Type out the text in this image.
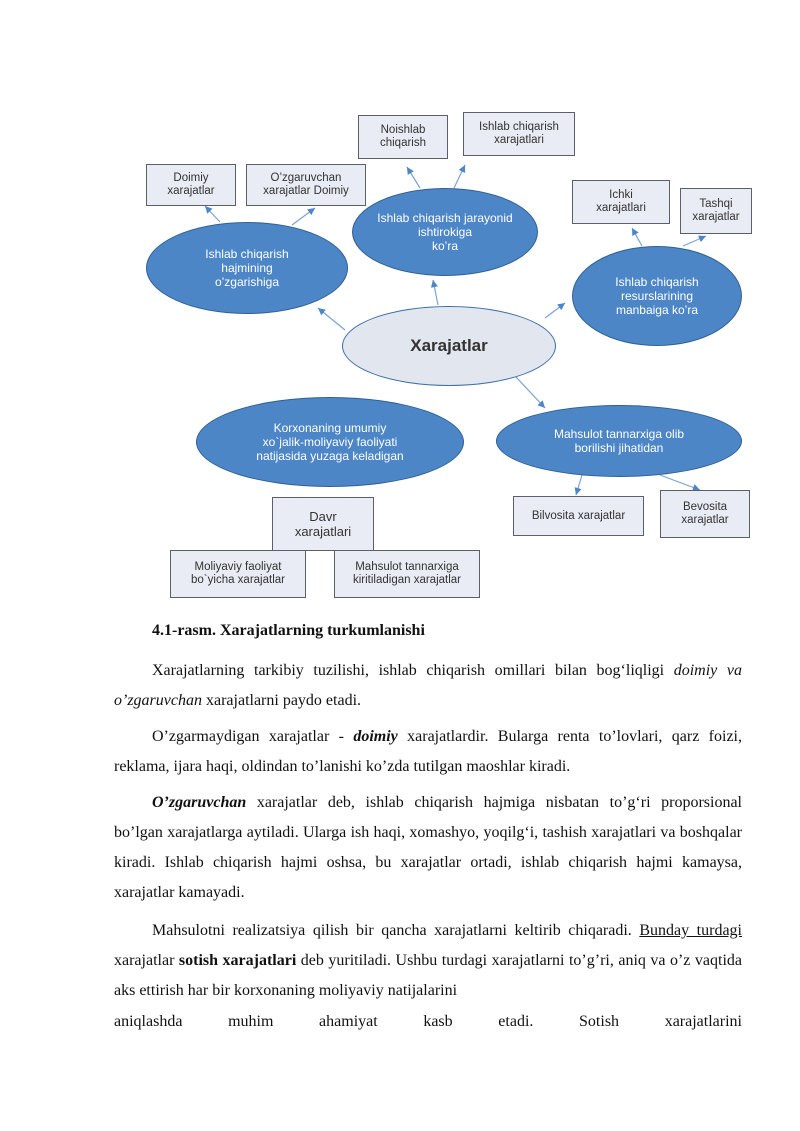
Ishlab chiqarish
hajmining
o’zgarishiga
Ishlab chiqarish jarayonid
ishtirokiga
ko’ra
Ishlab chiqarish
resurslarining
manbaiga ko’ra
Xarajatlar
Korxonaning umumiy
xo`jalik-moliyaviy faoliyati
natijasida yuzaga keladigan
Mahsulot tannarxiga olib
borilishi jihatidan
Doimiy
xarajatlar
O’zgaruvchan
xarajatlar Doimiy
Noishlab
chiqarish
Ishlab chiqarish
xarajatlari
Ichki
xarajatlari	Tashqi
xarajatlar
Bilvosita xarajatlar
Bevosita
xarajatlar
Davr
xarajatlari
Moliyaviy faoliyat
bo`yicha xarajatlar
Mahsulot tannarxiga
kiritiladigan xarajatlar
4.1-rasm. Xarajatlarning turkumlanishi

Xarajatlarning tarkibiy tuzilishi, ishlab chiqarish omillari bilan bogʻliqligi doimiy va o’zgaruvchan xarajatlarni paydo etadi.

O’zgarmaydigan xarajatlar - doimiy xarajatlardir. Bularga renta to’lovlari, qarz foizi, reklama, ijara haqi, oldindan to’lanishi ko’zda tutilgan maoshlar kiradi.

O’zgaruvchan xarajatlar deb, ishlab chiqarish hajmiga nisbatan to’gʻri proporsional bo’lgan xarajatlarga aytiladi. Ularga ish haqi, xomashyo, yoqilgʻi, tashish xarajatlari va boshqalar kiradi. Ishlab chiqarish hajmi oshsa, bu xarajatlar ortadi, ishlab chiqarish hajmi kamaysa, xarajatlar kamayadi.

Mahsulotni realizatsiya qilish bir qancha xarajatlarni keltirib chiqaradi. Bunday turdagi xarajatlar sotish xarajatlari deb yuritiladi. Ushbu turdagi xarajatlarni to’g’ri, aniq va o’z vaqtida aks ettirish har bir korxonaning moliyaviy natijalarini

aniqlashda	muhim	ahamiyat	kasb	etadi.	Sotish	xarajatlarini
